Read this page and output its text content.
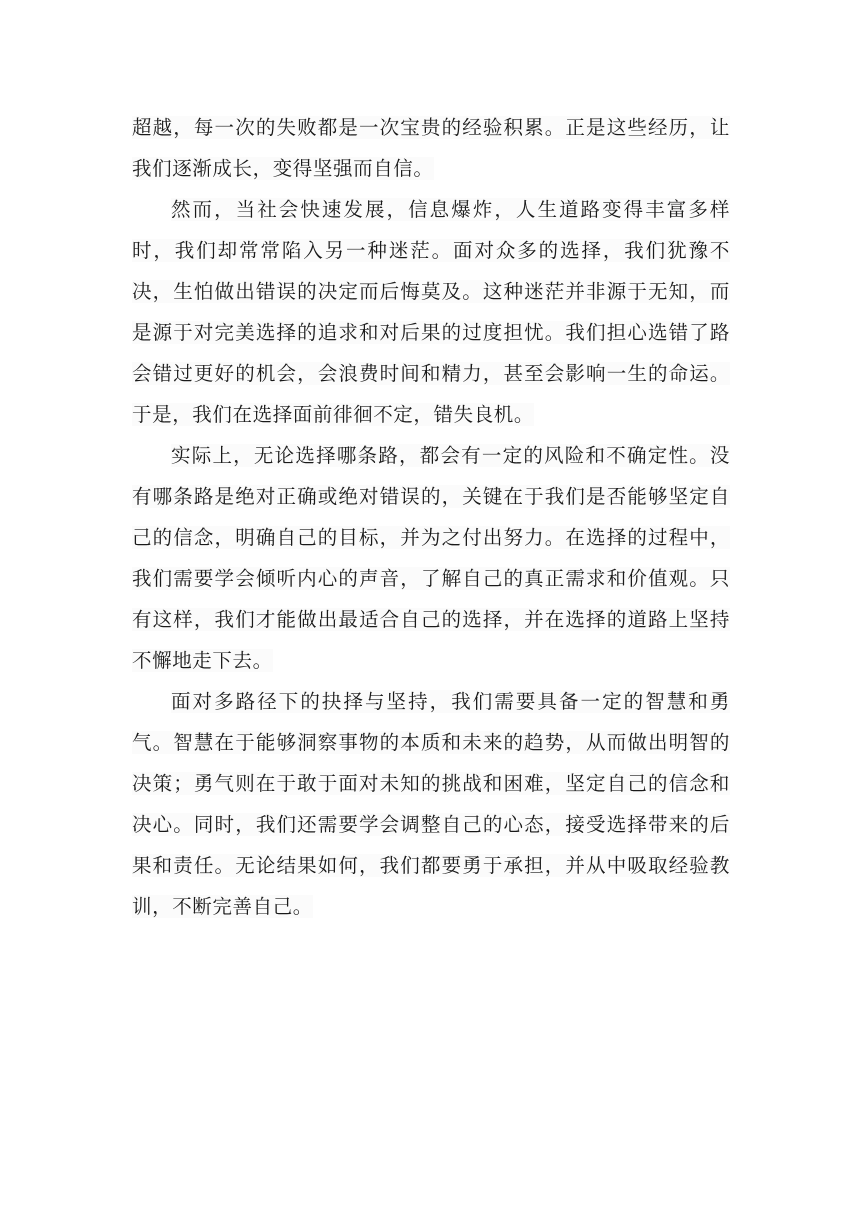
超越，每一次的失败都是一次宝贵的经验积累。正是这些经历，让我们逐渐成长，变得坚强而自信。

然而，当社会快速发展，信息爆炸，人生道路变得丰富多样时，我们却常常陷入另一种迷茫。面对众多的选择，我们犹豫不决，生怕做出错误的决定而后悔莫及。这种迷茫并非源于无知，而是源于对完美选择的追求和对后果的过度担忧。我们担心选错了路会错过更好的机会，会浪费时间和精力，甚至会影响一生的命运。于是，我们在选择面前徘徊不定，错失良机。

实际上，无论选择哪条路，都会有一定的风险和不确定性。没有哪条路是绝对正确或绝对错误的，关键在于我们是否能够坚定自己的信念，明确自己的目标，并为之付出努力。在选择的过程中，我们需要学会倾听内心的声音，了解自己的真正需求和价值观。只有这样，我们才能做出最适合自己的选择，并在选择的道路上坚持不懈地走下去。

面对多路径下的抉择与坚持，我们需要具备一定的智慧和勇气。智慧在于能够洞察事物的本质和未来的趋势，从而做出明智的决策；勇气则在于敢于面对未知的挑战和困难，坚定自己的信念和决心。同时，我们还需要学会调整自己的心态，接受选择带来的后果和责任。无论结果如何，我们都要勇于承担，并从中吸取经验教训，不断完善自己。
